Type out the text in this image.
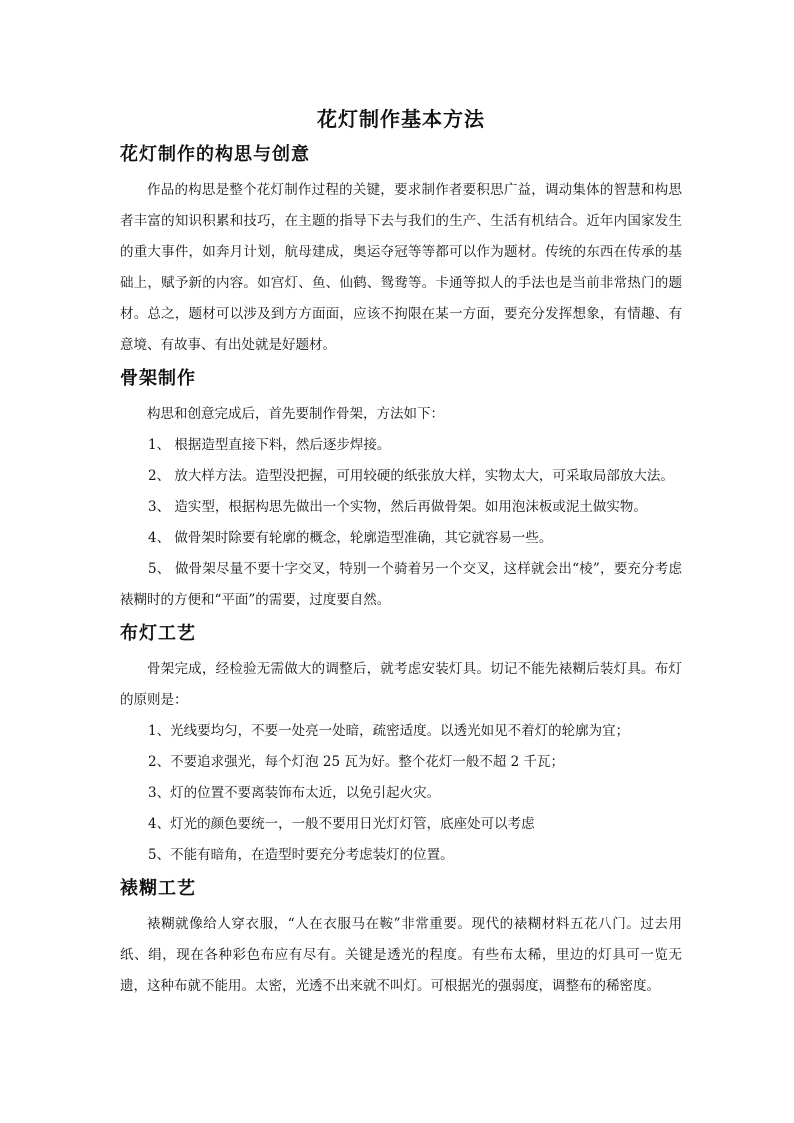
花灯制作基本方法
花灯制作的构思与创意

作品的构思是整个花灯制作过程的关键，要求制作者要积思广益，调动集体的智慧和构思者丰富的知识积累和技巧，在主题的指导下去与我们的生产、生活有机结合。近年内国家发生的重大事件，如奔月计划，航母建成，奥运夺冠等等都可以作为题材。传统的东西在传承的基础上，赋予新的内容。如宫灯、鱼、仙鹤、鸳鸯等。卡通等拟人的手法也是当前非常热门的题材。总之，题材可以涉及到方方面面，应该不拘限在某一方面，要充分发挥想象，有情趣、有意境、有故事、有出处就是好题材。

骨架制作

构思和创意完成后，首先要制作骨架，方法如下：

1、 根据造型直接下料，然后逐步焊接。

2、 放大样方法。造型没把握，可用较硬的纸张放大样，实物太大，可采取局部放大法。

3、 造实型，根据构思先做出一个实物，然后再做骨架。如用泡沫板或泥土做实物。

4、 做骨架时除要有轮廓的概念，轮廓造型准确，其它就容易一些。

5、 做骨架尽量不要十字交叉，特别一个骑着另一个交叉，这样就会出“棱”，要充分考虑裱糊时的方便和“平面”的需要，过度要自然。

布灯工艺

骨架完成，经检验无需做大的调整后，就考虑安装灯具。切记不能先裱糊后装灯具。布灯的原则是：

1、光线要均匀，不要一处亮一处暗，疏密适度。以透光如见不着灯的轮廓为宜；

2、不要追求强光，每个灯泡 25 瓦为好。整个花灯一般不超 2 千瓦；

3、灯的位置不要离装饰布太近，以免引起火灾。

4、灯光的颜色要统一，一般不要用日光灯灯管，底座处可以考虑

5、不能有暗角，在造型时要充分考虑装灯的位置。

裱糊工艺

裱糊就像给人穿衣服，“人在衣服马在鞍”非常重要。现代的裱糊材料五花八门。过去用纸、绢，现在各种彩色布应有尽有。关键是透光的程度。有些布太稀，里边的灯具可一览无遗，这种布就不能用。太密，光透不出来就不叫灯。可根据光的强弱度，调整布的稀密度。
